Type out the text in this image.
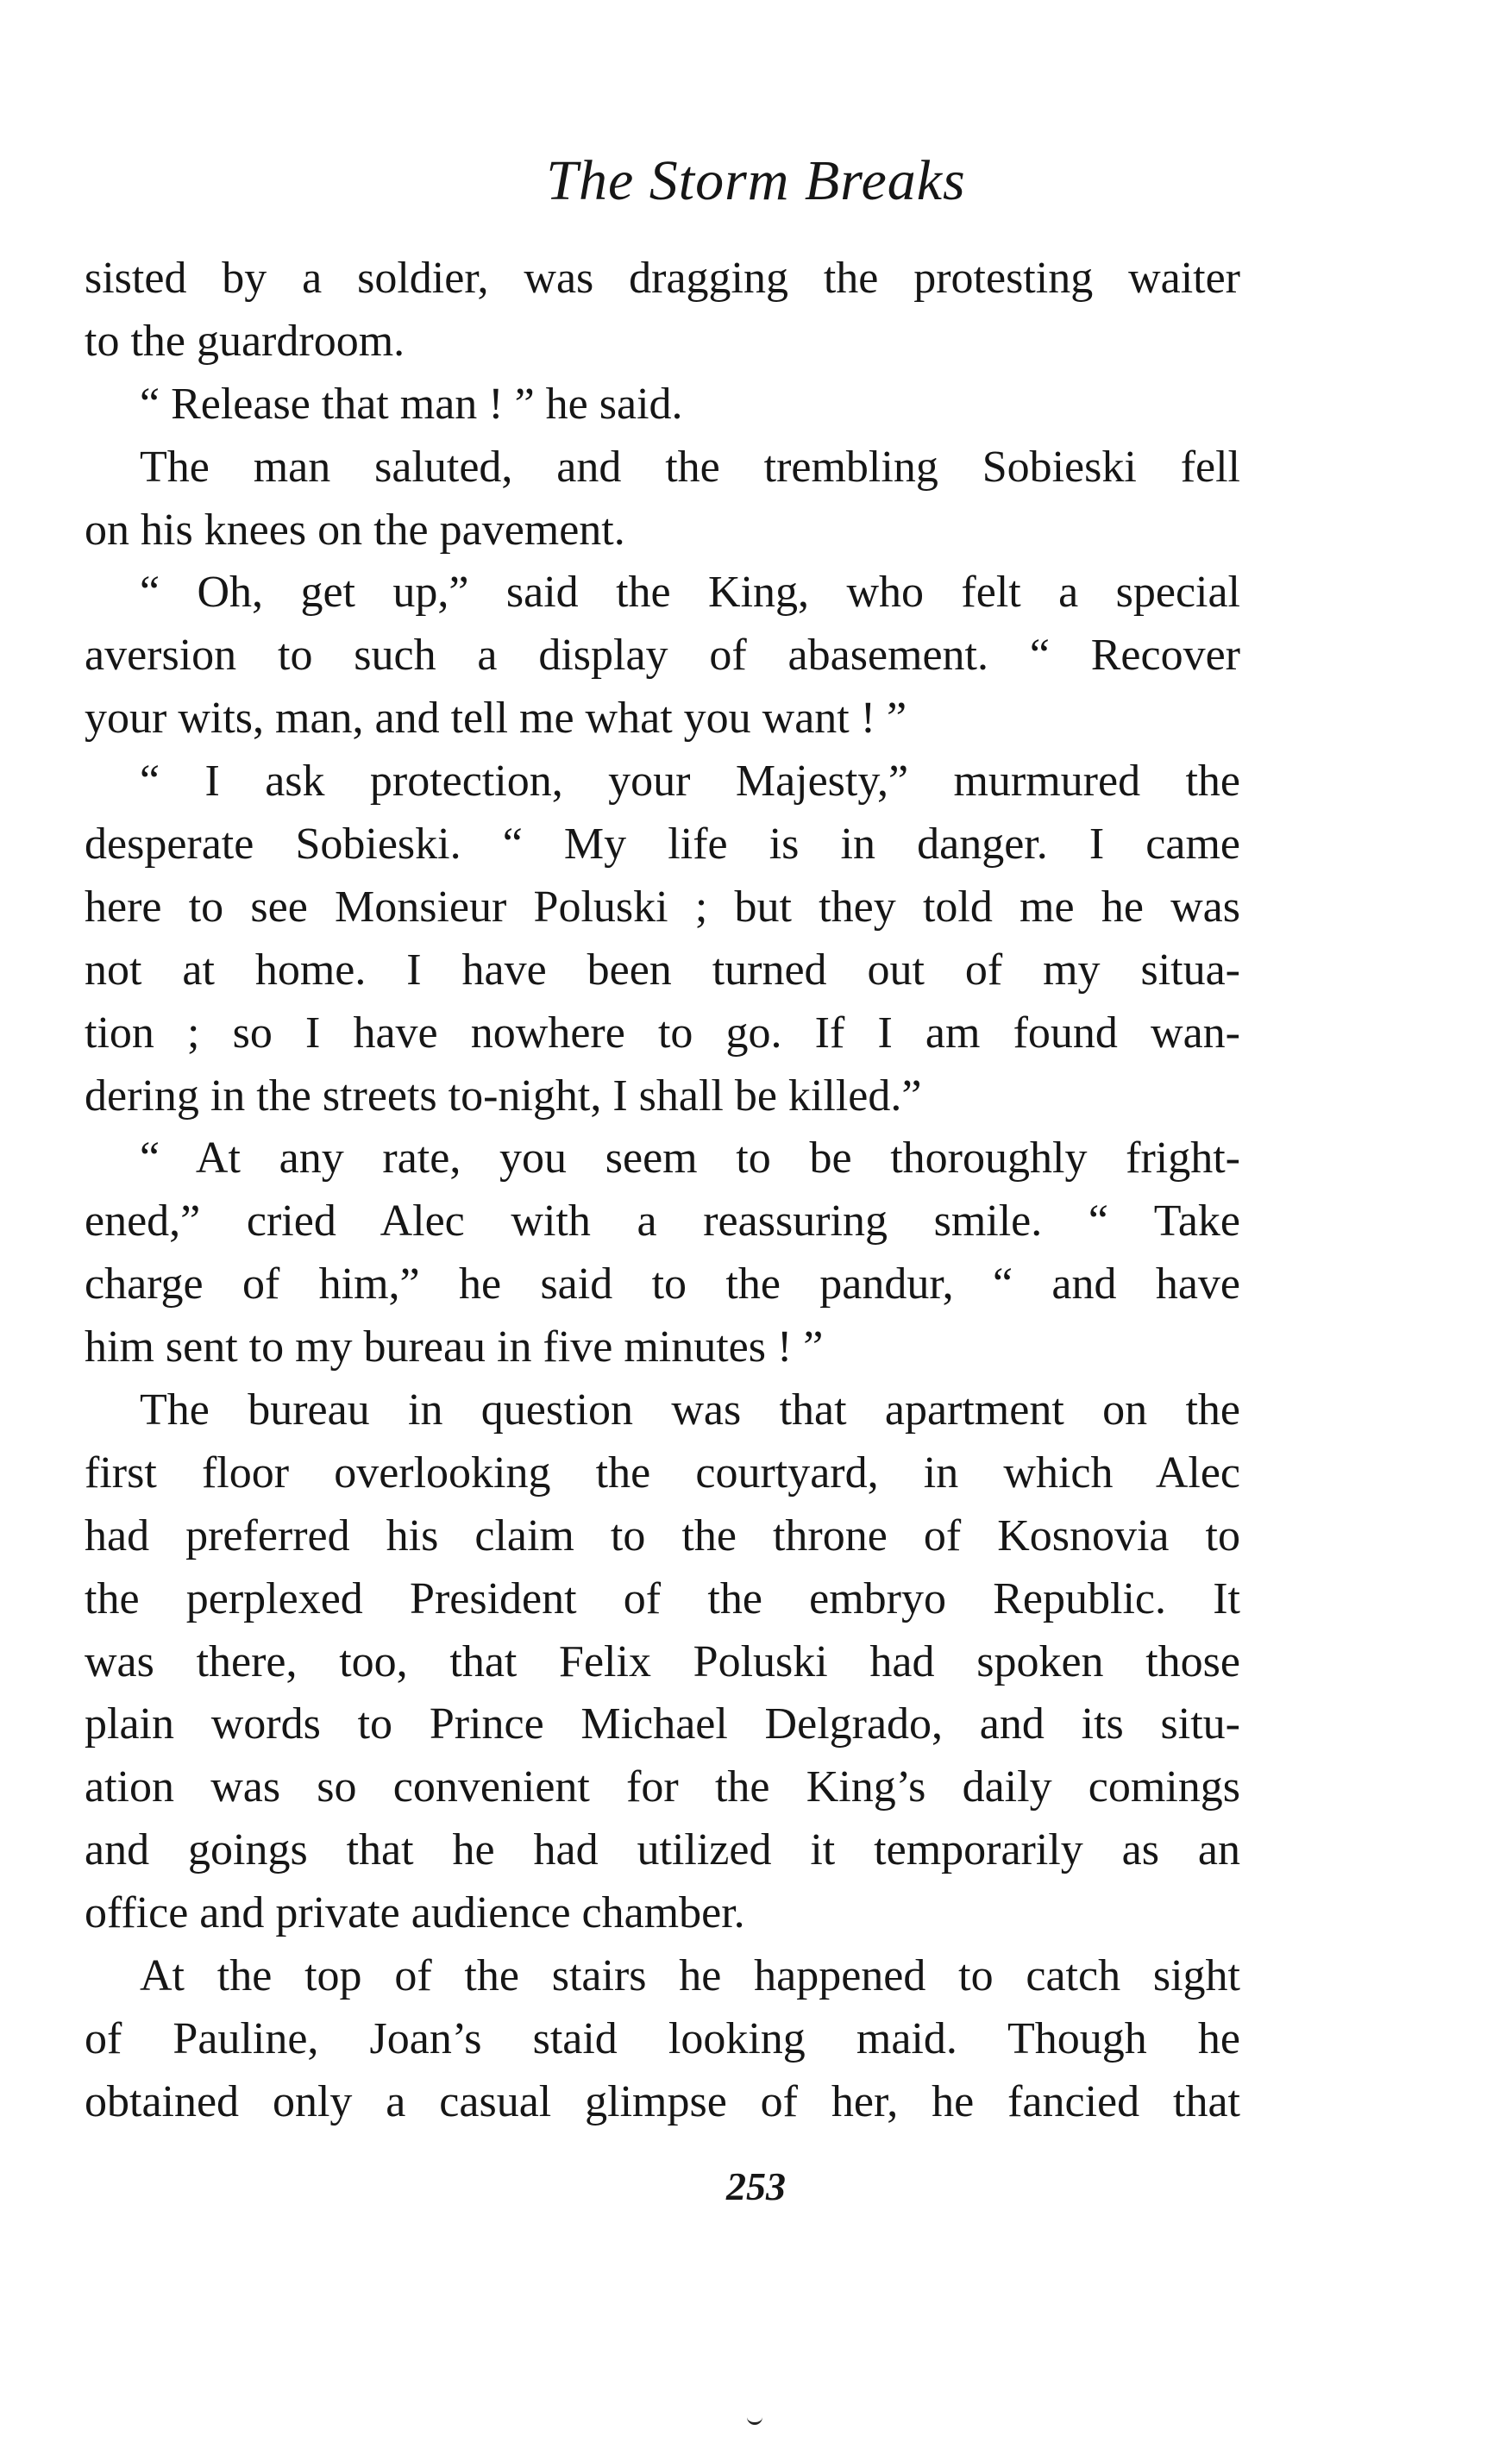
The Storm Breaks
sisted by a soldier, was dragging the protesting waiter
to the guardroom.
“ Release that man ! ” he said.
The man saluted, and the trembling Sobieski fell
on his knees on the pavement.
“ Oh, get up,” said the King, who felt a special
aversion to such a display of abasement. “ Recover
your wits, man, and tell me what you want ! ”
“ I ask protection, your Majesty,” murmured the
desperate Sobieski. “ My life is in danger. I came
here to see Monsieur Poluski ; but they told me he was
not at home. I have been turned out of my situa-
tion ; so I have nowhere to go. If I am found wan-
dering in the streets to-night, I shall be killed.”
“ At any rate, you seem to be thoroughly fright-
ened,” cried Alec with a reassuring smile. “ Take
charge of him,” he said to the pandur, “ and have
him sent to my bureau in five minutes ! ”
The bureau in question was that apartment on the
first floor overlooking the courtyard, in which Alec
had preferred his claim to the throne of Kosnovia to
the perplexed President of the embryo Republic. It
was there, too, that Felix Poluski had spoken those
plain words to Prince Michael Delgrado, and its situ-
ation was so convenient for the King’s daily comings
and goings that he had utilized it temporarily as an
office and private audience chamber.
At the top of the stairs he happened to catch sight
of Pauline, Joan’s staid looking maid. Though he
obtained only a casual glimpse of her, he fancied that
253
